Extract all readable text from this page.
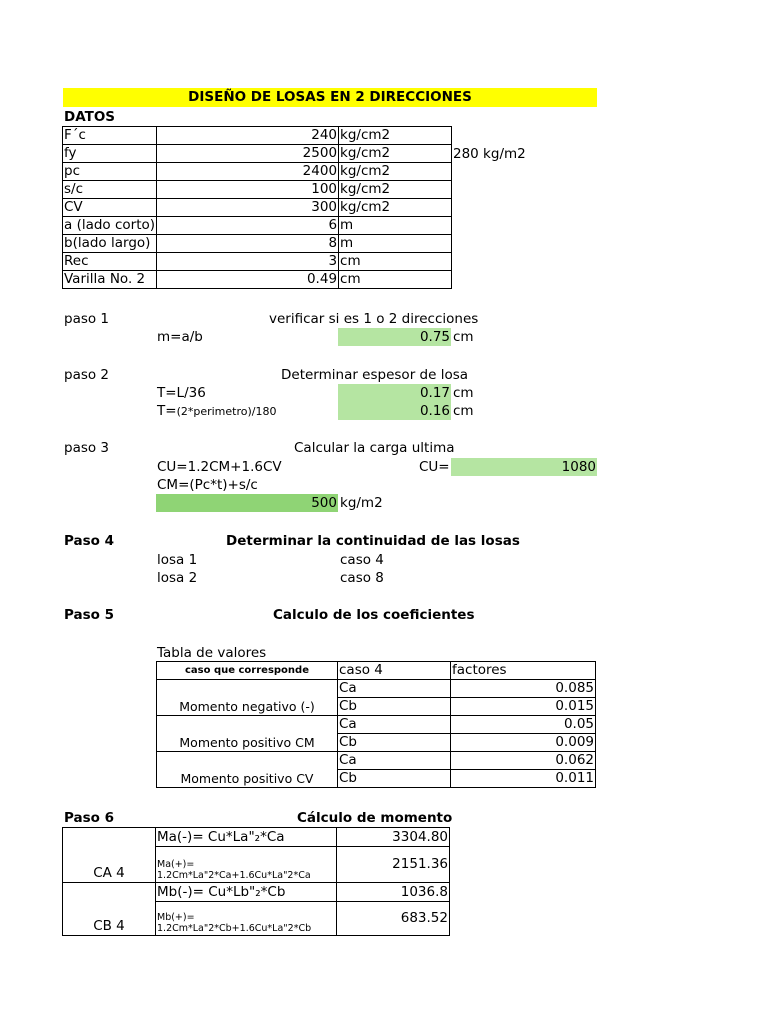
DISEÑO DE LOSAS EN 2 DIRECCIONES
DATOS
F´c	240	kg/cm2
fy	2500	kg/cm2
pc	2400	kg/cm2
s/c	100	kg/cm2
CV	300	kg/cm2
a (lado corto)	6	m
b(lado largo)	8	m
Rec	3	cm
Varilla No. 2	0.49	cm
280 kg/m2
paso 1	verificar si es 1 o 2 direcciones
m=a/b	0.75 cm
paso 2	Determinar espesor de losa
T=L/36	0.17 cm
T=(2*perimetro)/180	0.16 cm
paso 3	Calcular la carga ultima
CU=1.2CM+1.6CV	CU=	1080
CM=(Pc*t)+s/c
500 kg/m2
Paso 4	Determinar la continuidad de las losas
losa 1	caso 4
losa 2	caso 8
Paso 5	Calculo de los coeficientes
Tabla de valores
caso que corresponde	caso 4	factores
Momento negativo (-)	Ca	0.085
	Cb	0.015
Momento positivo CM	Ca	0.05
	Cb	0.009
Momento positivo CV	Ca	0.062
	Cb	0.011
Paso 6	Cálculo de momento
CA 4	Ma(-)= Cu*La"₂*Ca	3304.80

	Ma(+)=
1.2Cm*La"2*Ca+1.6Cu*La"2*Ca	2151.36
CB 4	Mb(-)= Cu*Lb"₂*Cb	1036.8

	Mb(+)=
1.2Cm*La"2*Cb+1.6Cu*La"2*Cb	683.52
